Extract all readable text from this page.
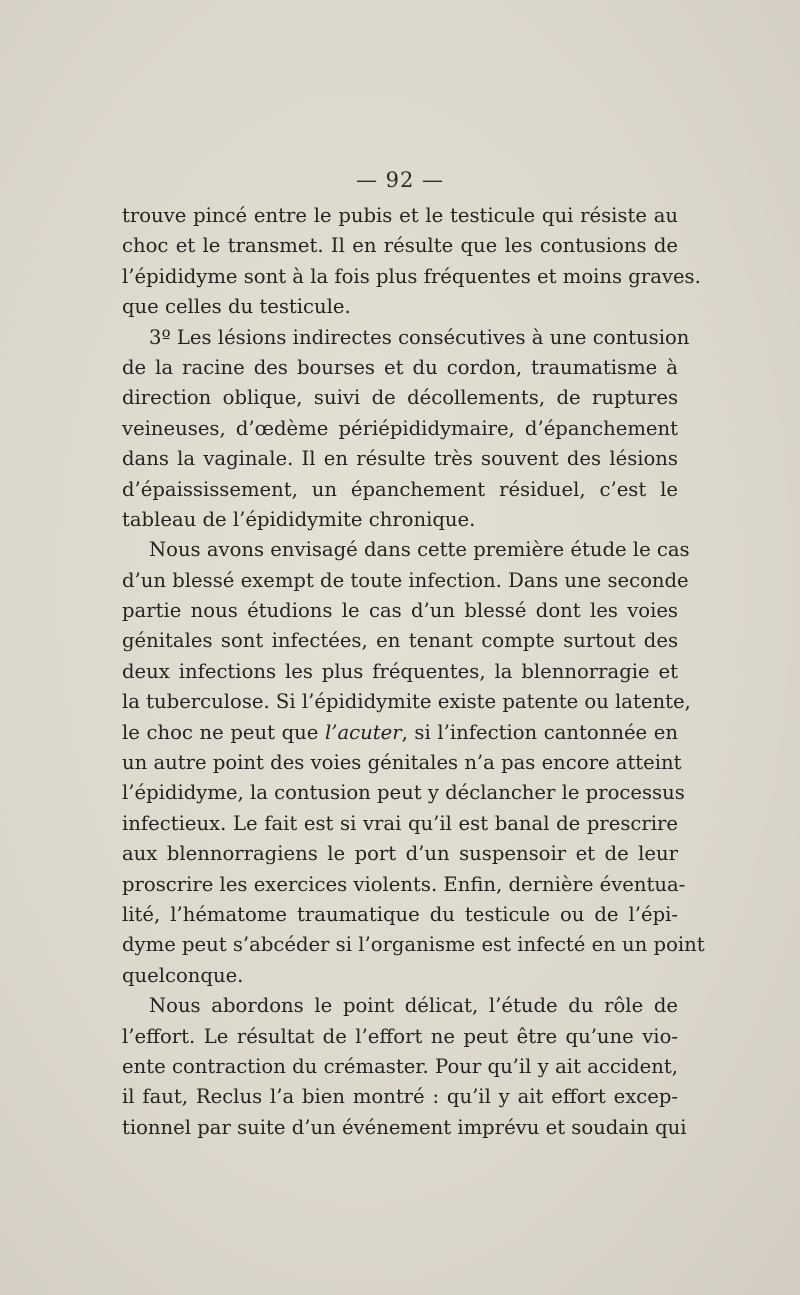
— 92 —
trouve pincé entre le pubis et le testicule qui résiste au
choc et le transmet. Il en résulte que les contusions de
l’épididyme sont à la fois plus fréquentes et moins graves.
que celles du testicule.
3º Les lésions indirectes consécutives à une contusion
de la racine des bourses et du cordon, traumatisme à
direction oblique, suivi de décollements, de ruptures
veineuses, d’œdème périépididymaire, d’épanchement
dans la vaginale. Il en résulte très souvent des lésions
d’épaississement, un épanchement résiduel, c’est le
tableau de l’épididymite chronique.
Nous avons envisagé dans cette première étude le cas
d’un blessé exempt de toute infection. Dans une seconde
partie nous étudions le cas d’un blessé dont les voies
génitales sont infectées, en tenant compte surtout des
deux infections les plus fréquentes, la blennorragie et
la tuberculose. Si l’épididymite existe patente ou latente,
le choc ne peut que l’acuter, si l’infection cantonnée en
un autre point des voies génitales n’a pas encore atteint
l’épididyme, la contusion peut y déclancher le processus
infectieux. Le fait est si vrai qu’il est banal de prescrire
aux blennorragiens le port d’un suspensoir et de leur
proscrire les exercices violents. Enfin, dernière éventua-
lité, l’hématome traumatique du testicule ou de l’épi-
dyme peut s’abcéder si l’organisme est infecté en un point
quelconque.
Nous abordons le point délicat, l’étude du rôle de
l’effort. Le résultat de l’effort ne peut être qu’une vio-
ente contraction du crémaster. Pour qu’il y ait accident,
il faut, Reclus l’a bien montré : qu’il y ait effort excep-
tionnel par suite d’un événement imprévu et soudain qui
